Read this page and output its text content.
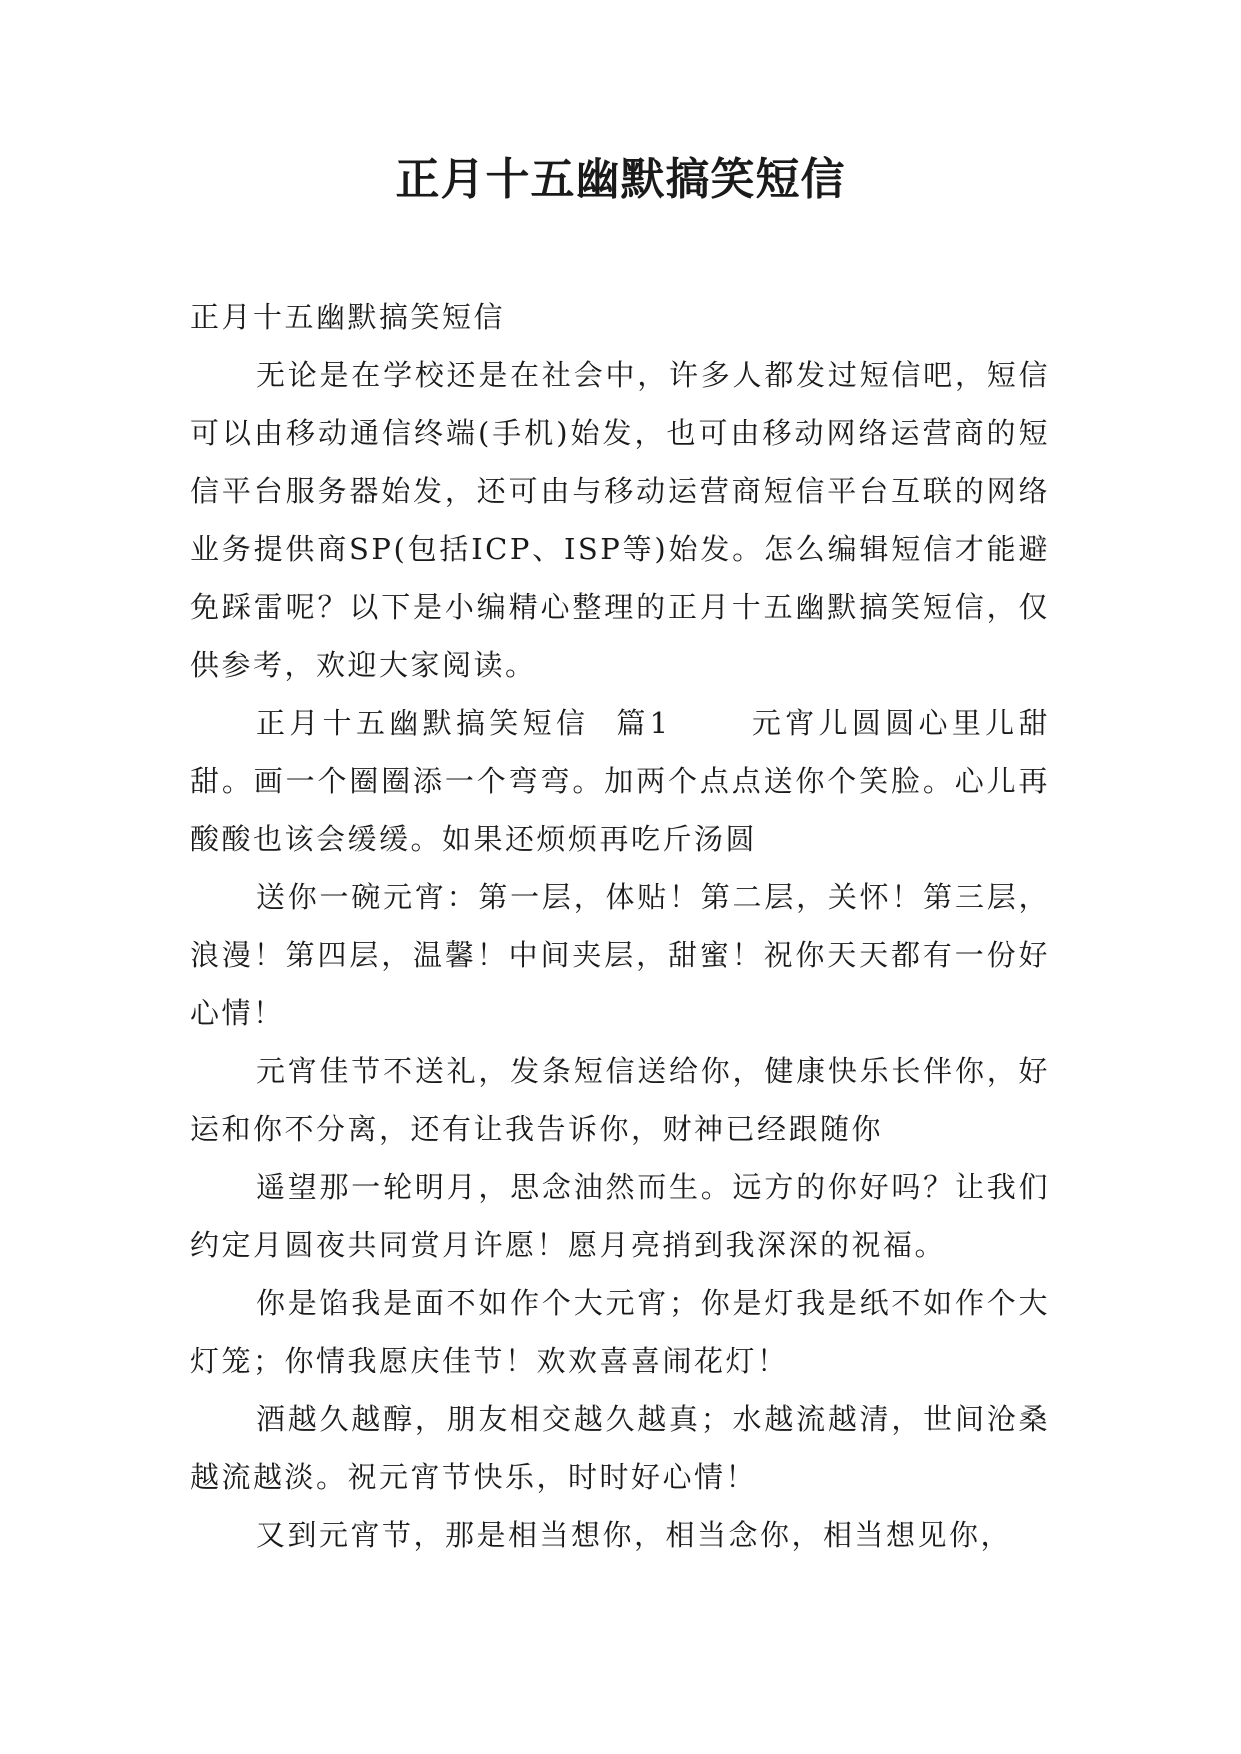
正月十五幽默搞笑短信

正月十五幽默搞笑短信

无论是在学校还是在社会中，许多人都发过短信吧，短信可以由移动通信终端(手机)始发，也可由移动网络运营商的短信平台服务器始发，还可由与移动运营商短信平台互联的网络业务提供商SP(包括ICP、ISP等)始发。怎么编辑短信才能避免踩雷呢？以下是小编精心整理的正月十五幽默搞笑短信，仅供参考，欢迎大家阅读。

正月十五幽默搞笑短信  篇1      元宵儿圆圆心里儿甜甜。画一个圈圈添一个弯弯。加两个点点送你个笑脸。心儿再酸酸也该会缓缓。如果还烦烦再吃斤汤圆

送你一碗元宵：第一层，体贴！第二层，关怀！第三层，浪漫！第四层，温馨！中间夹层，甜蜜！祝你天天都有一份好心情！

元宵佳节不送礼，发条短信送给你，健康快乐长伴你，好运和你不分离，还有让我告诉你，财神已经跟随你

遥望那一轮明月，思念油然而生。远方的你好吗？让我们约定月圆夜共同赏月许愿！愿月亮捎到我深深的祝福。

你是馅我是面不如作个大元宵；你是灯我是纸不如作个大灯笼；你情我愿庆佳节！欢欢喜喜闹花灯！

酒越久越醇，朋友相交越久越真；水越流越清，世间沧桑越流越淡。祝元宵节快乐，时时好心情！

又到元宵节，那是相当想你，相当念你，相当想见你，
